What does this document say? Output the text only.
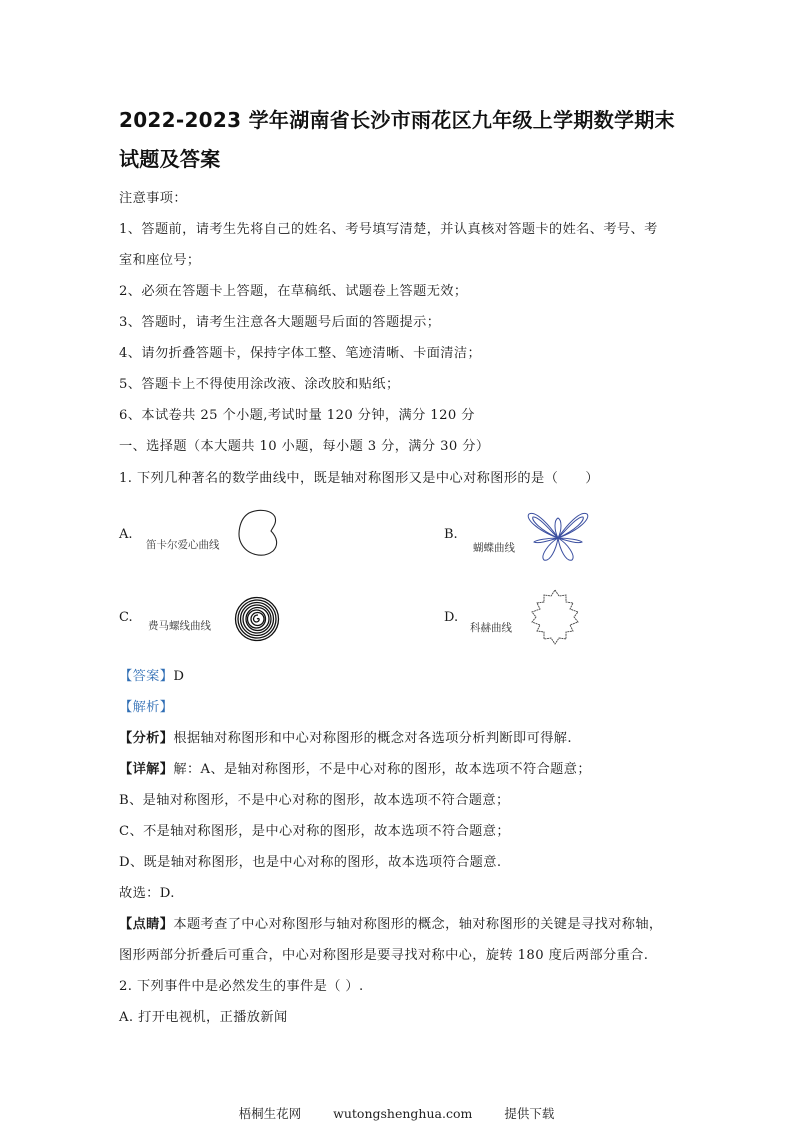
2022-2023 学年湖南省长沙市雨花区九年级上学期数学期末
试题及答案
注意事项：
1、答题前，请考生先将自己的姓名、考号填写清楚，并认真核对答题卡的姓名、考号、考
室和座位号；
2、必须在答题卡上答题，在草稿纸、试题卷上答题无效；
3、答题时，请考生注意各大题题号后面的答题提示；
4、请勿折叠答题卡，保持字体工整、笔迹清晰、卡面清洁；
5、答题卡上不得使用涂改液、涂改胶和贴纸；
6、本试卷共 25 个小题,考试时量 120 分钟，满分 120 分
一、选择题（本大题共 10 小题，每小题 3 分，满分 30 分）
1. 下列几种著名的数学曲线中，既是轴对称图形又是中心对称图形的是（　　）
A.
笛卡尔爱心曲线
B.
蝴蝶曲线
C.
费马螺线曲线
D.
科赫曲线
【答案】D
【解析】
【分析】根据轴对称图形和中心对称图形的概念对各选项分析判断即可得解.
【详解】解：A、是轴对称图形，不是中心对称的图形，故本选项不符合题意；
B、是轴对称图形，不是中心对称的图形，故本选项不符合题意；
C、不是轴对称图形，是中心对称的图形，故本选项不符合题意；
D、既是轴对称图形，也是中心对称的图形，故本选项符合题意.
故选：D.
【点睛】本题考查了中心对称图形与轴对称图形的概念，轴对称图形的关键是寻找对称轴，
图形两部分折叠后可重合，中心对称图形是要寻找对称中心，旋转 180 度后两部分重合.
2. 下列事件中是必然发生的事件是（ ）.
A. 打开电视机，正播放新闻
梧桐生花网	wutongshenghua.com	提供下载
